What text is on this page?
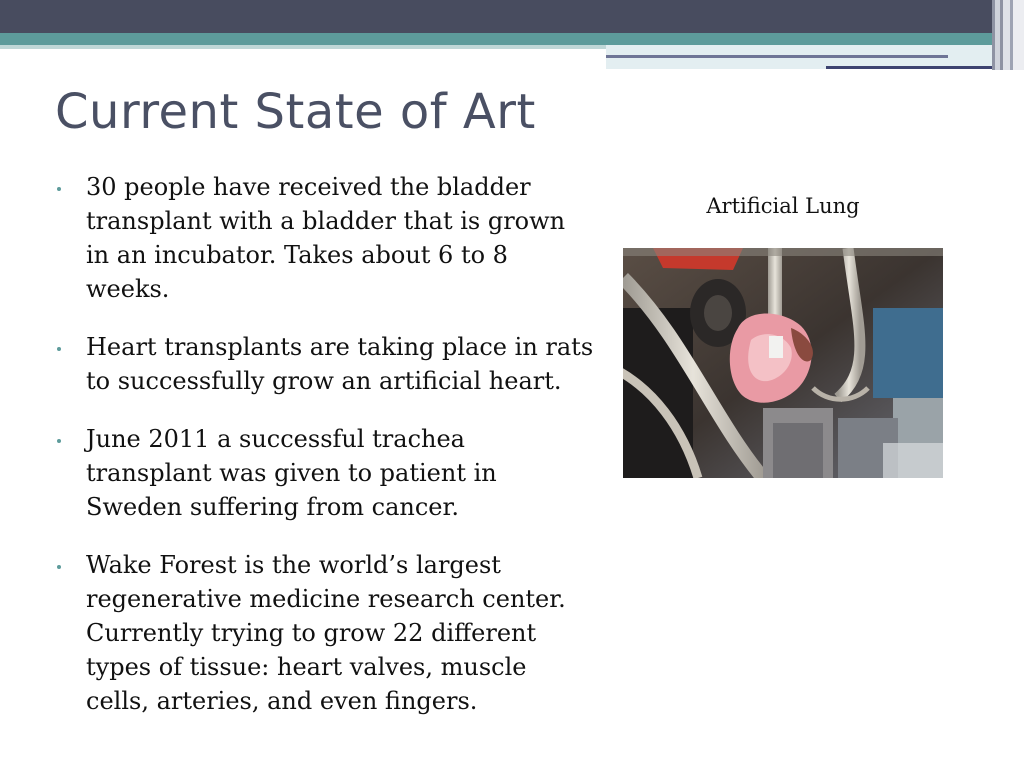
Current State of Art
30 people have received the bladder transplant with a bladder that is grown in an incubator. Takes about 6 to 8 weeks.
Heart transplants are taking place in rats to successfully grow an artificial heart.
June 2011 a successful trachea transplant was given to patient in Sweden suffering from cancer.
Wake Forest is the world’s largest regenerative medicine research center. Currently trying to grow 22 different types of tissue: heart valves, muscle cells, arteries, and even fingers.
Artificial Lung
